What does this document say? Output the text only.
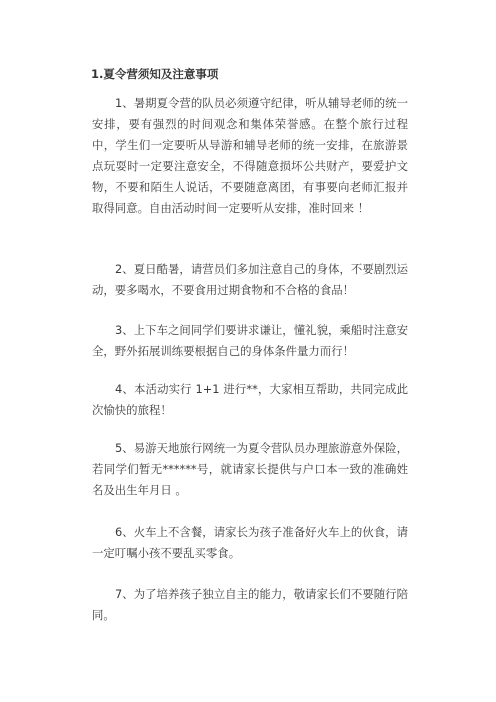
1.夏令营须知及注意事项

1、暑期夏令营的队员必须遵守纪律，听从辅导老师的统一安排，要有强烈的时间观念和集体荣誉感。在整个旅行过程中，学生们一定要听从导游和辅导老师的统一安排，在旅游景点玩耍时一定要注意安全，不得随意损坏公共财产，要爱护文物，不要和陌生人说话，不要随意离团，有事要向老师汇报并取得同意。自由活动时间一定要听从安排，准时回来 ！

2、夏日酷暑，请营员们多加注意自己的身体，不要剧烈运动，要多喝水，不要食用过期食物和不合格的食品！

3、上下车之间同学们要讲求谦让，懂礼貌，乘船时注意安全，野外拓展训练要根据自己的身体条件量力而行！

4、本活动实行 1+1 进行**，大家相互帮助，共同完成此次愉快的旅程！

5、易游天地旅行网统一为夏令营队员办理旅游意外保险，若同学们暂无******号，就请家长提供与户口本一致的准确姓名及出生年月日 。

6、火车上不含餐，请家长为孩子准备好火车上的伙食，请一定叮嘱小孩不要乱买零食。

7、为了培养孩子独立自主的能力，敬请家长们不要随行陪同。
